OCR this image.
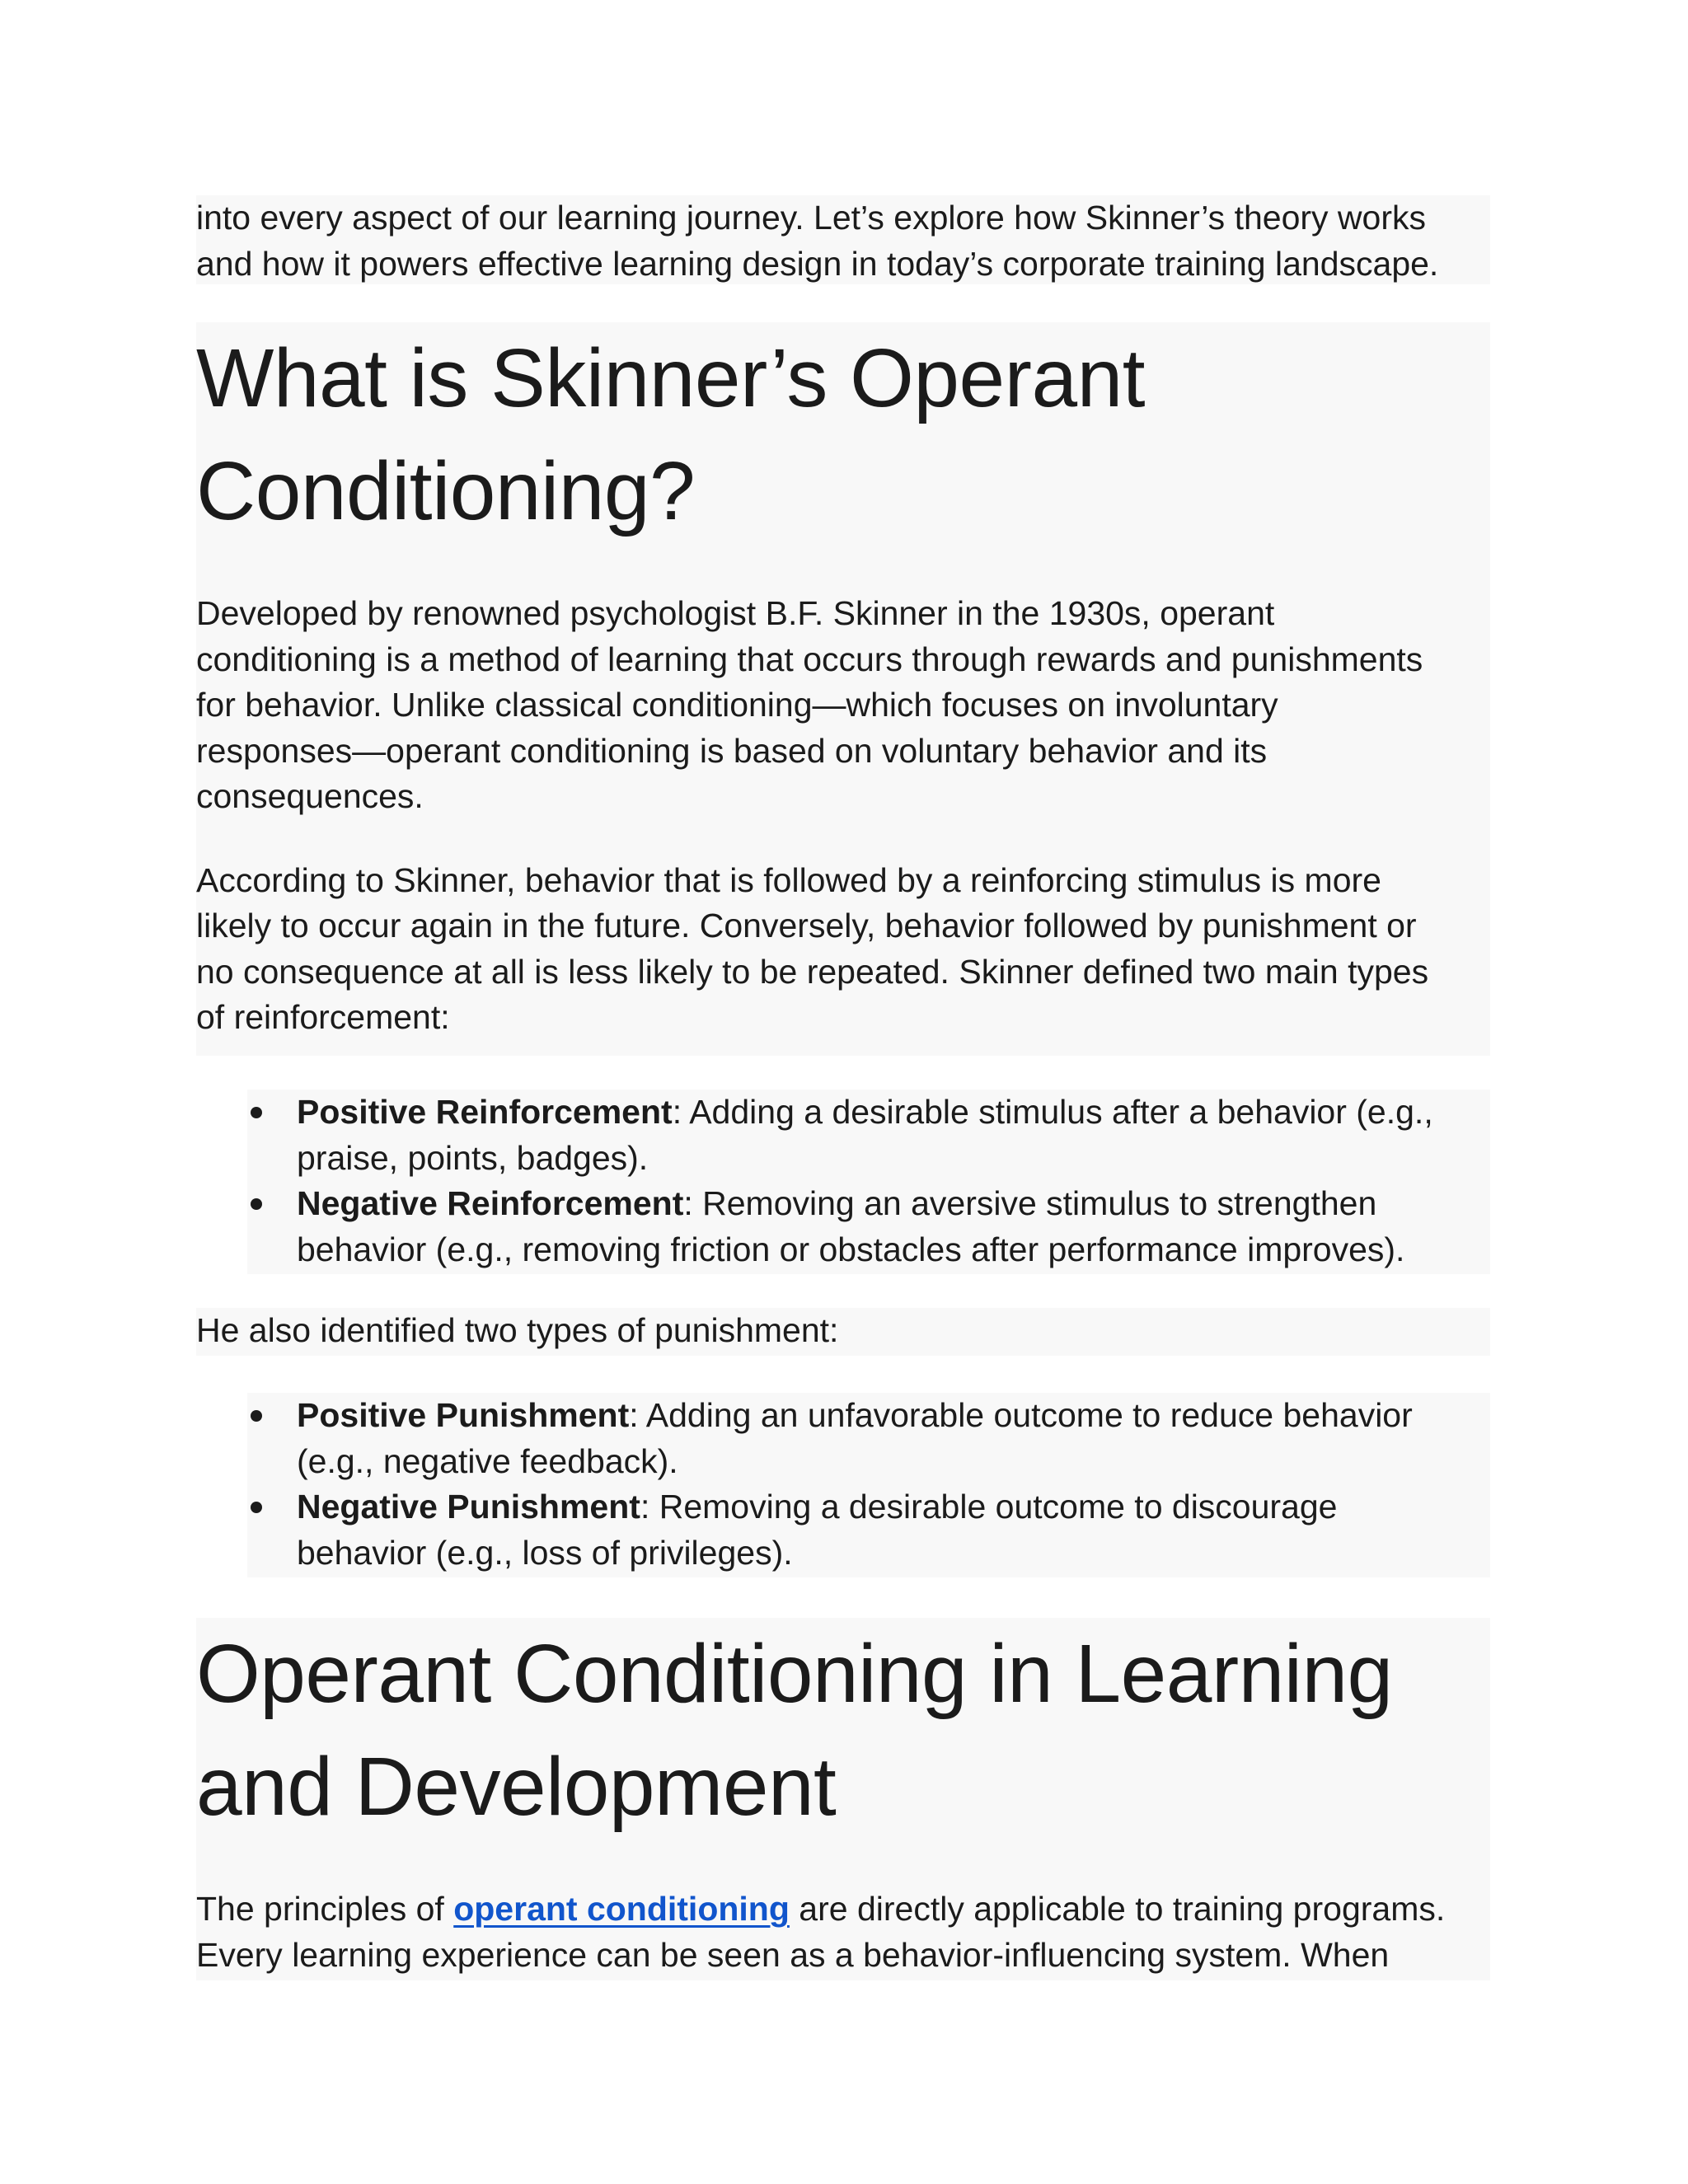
into every aspect of our learning journey. Let’s explore how Skinner’s theory works
and how it powers effective learning design in today’s corporate training landscape.

What is Skinner’s Operant
Conditioning?

Developed by renowned psychologist B.F. Skinner in the 1930s, operant
conditioning is a method of learning that occurs through rewards and punishments
for behavior. Unlike classical conditioning—which focuses on involuntary
responses—operant conditioning is based on voluntary behavior and its
consequences.

According to Skinner, behavior that is followed by a reinforcing stimulus is more
likely to occur again in the future. Conversely, behavior followed by punishment or
no consequence at all is less likely to be repeated. Skinner defined two main types
of reinforcement:

Positive Reinforcement: Adding a desirable stimulus after a behavior (e.g.,
praise, points, badges).
Negative Reinforcement: Removing an aversive stimulus to strengthen
behavior (e.g., removing friction or obstacles after performance improves).

He also identified two types of punishment:

Positive Punishment: Adding an unfavorable outcome to reduce behavior
(e.g., negative feedback).
Negative Punishment: Removing a desirable outcome to discourage
behavior (e.g., loss of privileges).
Operant Conditioning in Learning
and Development

The principles of operant conditioning are directly applicable to training programs.
Every learning experience can be seen as a behavior-influencing system. When
